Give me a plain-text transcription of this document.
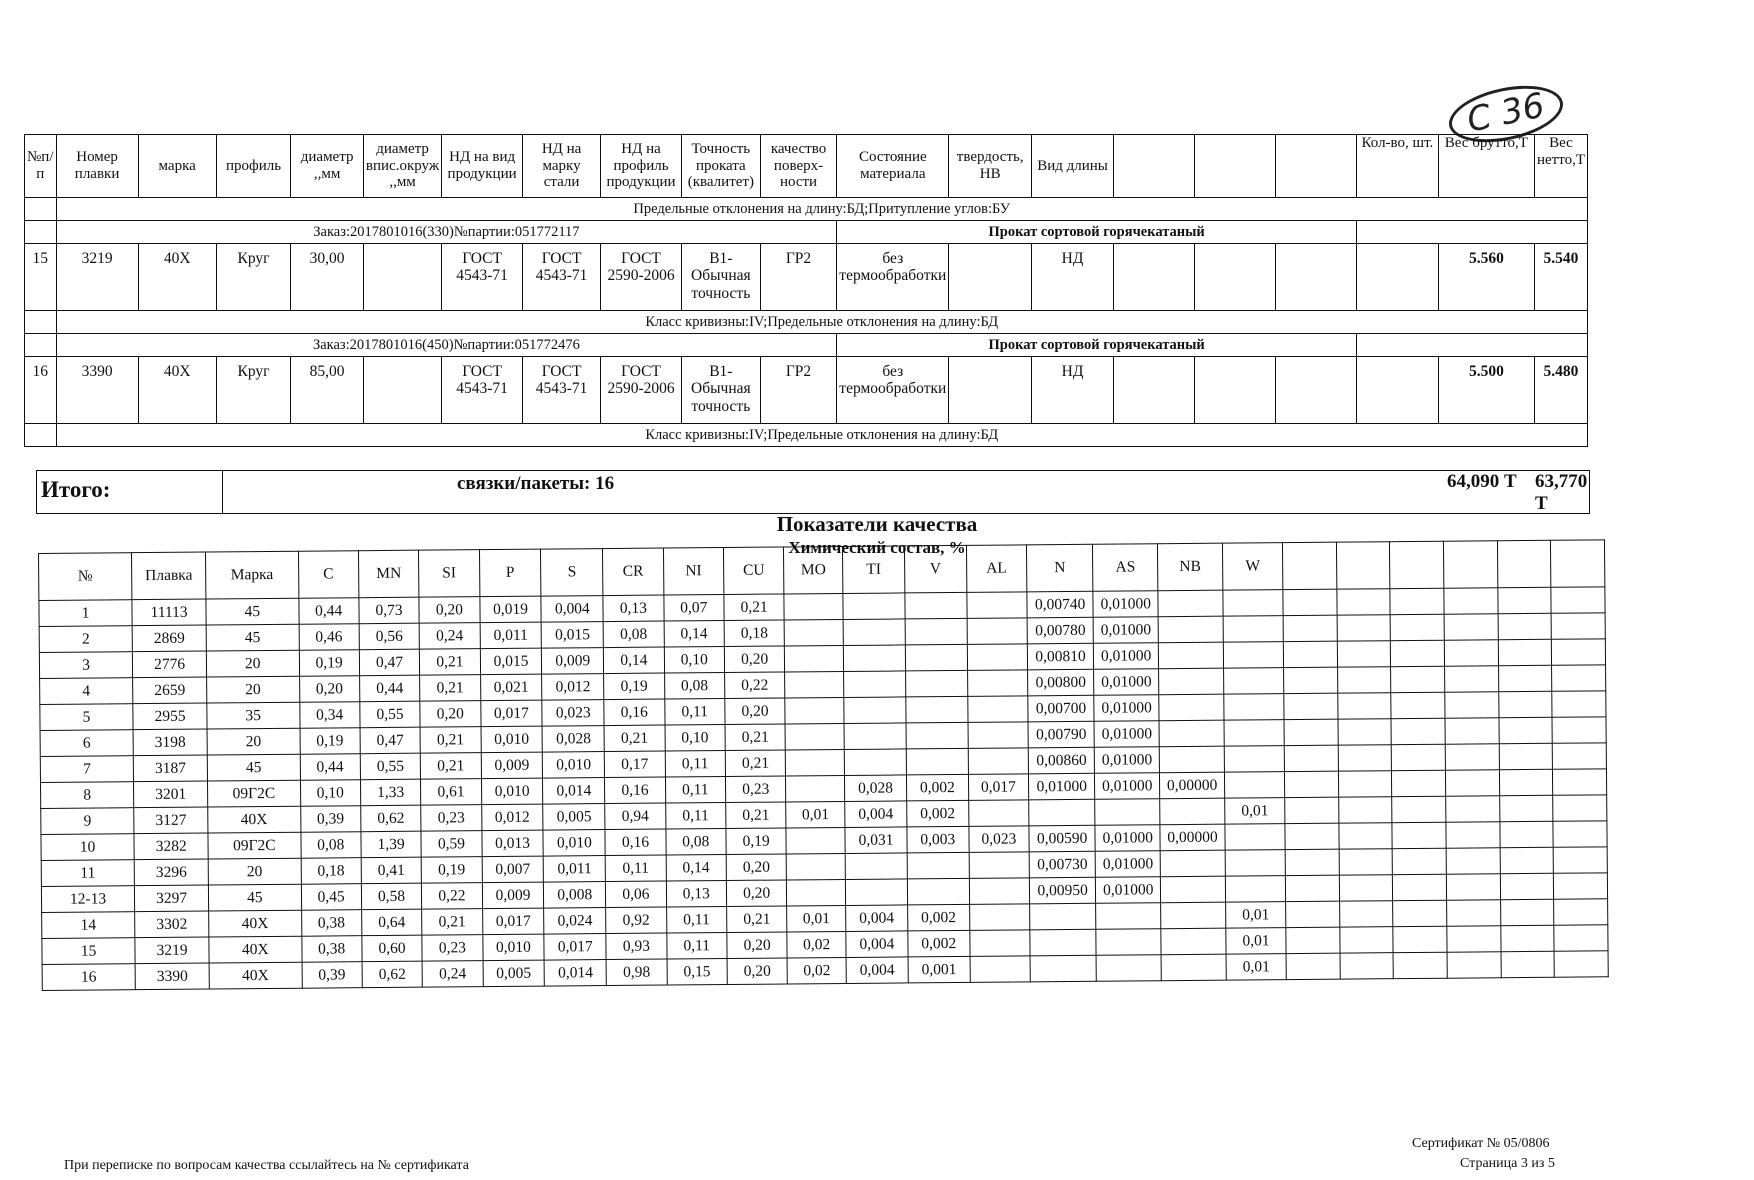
С 36
№п/п	Номер плавки	марка	профиль	диаметр ,,мм	диаметр впис.окруж ,,мм	НД на вид продукции	НД на марку стали	НД на профиль продукции	Точность проката (квалитет)	качество поверх-ности	Состояние материала	твердость, НВ	Вид длины				Кол-во, шт.	Вес брутто,Т	Вес нетто,Т
	Предельные отклонения на длину:БД;Притупление углов:БУ																		
	Заказ:2017801016(330)№партии:051772117										Прокат сортовой горячекатаный								
15	3219	40Х	Круг	30,00		ГОСТ 4543-71	ГОСТ 4543-71	ГОСТ 2590-2006	В1-Обычная точность	ГР2	без термообработки		НД					5.560	5.540
	Класс кривизны:IV;Предельные отклонения на длину:БД																		
	Заказ:2017801016(450)№партии:051772476										Прокат сортовой горячекатаный								
16	3390	40Х	Круг	85,00		ГОСТ 4543-71	ГОСТ 4543-71	ГОСТ 2590-2006	В1-Обычная точность	ГР2	без термообработки		НД					5.500	5.480
	Класс кривизны:IV;Предельные отклонения на длину:БД																		
Итого:	связки/пакеты: 16	64,090 Т 63,770 Т
Показатели качества
Химический состав, %
№	Плавка	Марка	C	MN	SI	P	S	CR	NI	CU	MO	TI	V	AL	N	AS	NB	W						
1	11113	45	0,44	0,73	0,20	0,019	0,004	0,13	0,07	0,21					0,00740	0,01000								
2	2869	45	0,46	0,56	0,24	0,011	0,015	0,08	0,14	0,18					0,00780	0,01000								
3	2776	20	0,19	0,47	0,21	0,015	0,009	0,14	0,10	0,20					0,00810	0,01000								
4	2659	20	0,20	0,44	0,21	0,021	0,012	0,19	0,08	0,22					0,00800	0,01000								
5	2955	35	0,34	0,55	0,20	0,017	0,023	0,16	0,11	0,20					0,00700	0,01000								
6	3198	20	0,19	0,47	0,21	0,010	0,028	0,21	0,10	0,21					0,00790	0,01000								
7	3187	45	0,44	0,55	0,21	0,009	0,010	0,17	0,11	0,21					0,00860	0,01000								
8	3201	09Г2С	0,10	1,33	0,61	0,010	0,014	0,16	0,11	0,23		0,028	0,002	0,017	0,01000	0,01000	0,00000							
9	3127	40Х	0,39	0,62	0,23	0,012	0,005	0,94	0,11	0,21	0,01	0,004	0,002					0,01						
10	3282	09Г2С	0,08	1,39	0,59	0,013	0,010	0,16	0,08	0,19		0,031	0,003	0,023	0,00590	0,01000	0,00000							
11	3296	20	0,18	0,41	0,19	0,007	0,011	0,11	0,14	0,20					0,00730	0,01000								
12-13	3297	45	0,45	0,58	0,22	0,009	0,008	0,06	0,13	0,20					0,00950	0,01000								
14	3302	40Х	0,38	0,64	0,21	0,017	0,024	0,92	0,11	0,21	0,01	0,004	0,002					0,01						
15	3219	40Х	0,38	0,60	0,23	0,010	0,017	0,93	0,11	0,20	0,02	0,004	0,002					0,01						
16	3390	40Х	0,39	0,62	0,24	0,005	0,014	0,98	0,15	0,20	0,02	0,004	0,001					0,01						
При переписке по вопросам качества ссылайтесь на № сертификата
Сертификат № 05/0806
Страница 3 из 5
